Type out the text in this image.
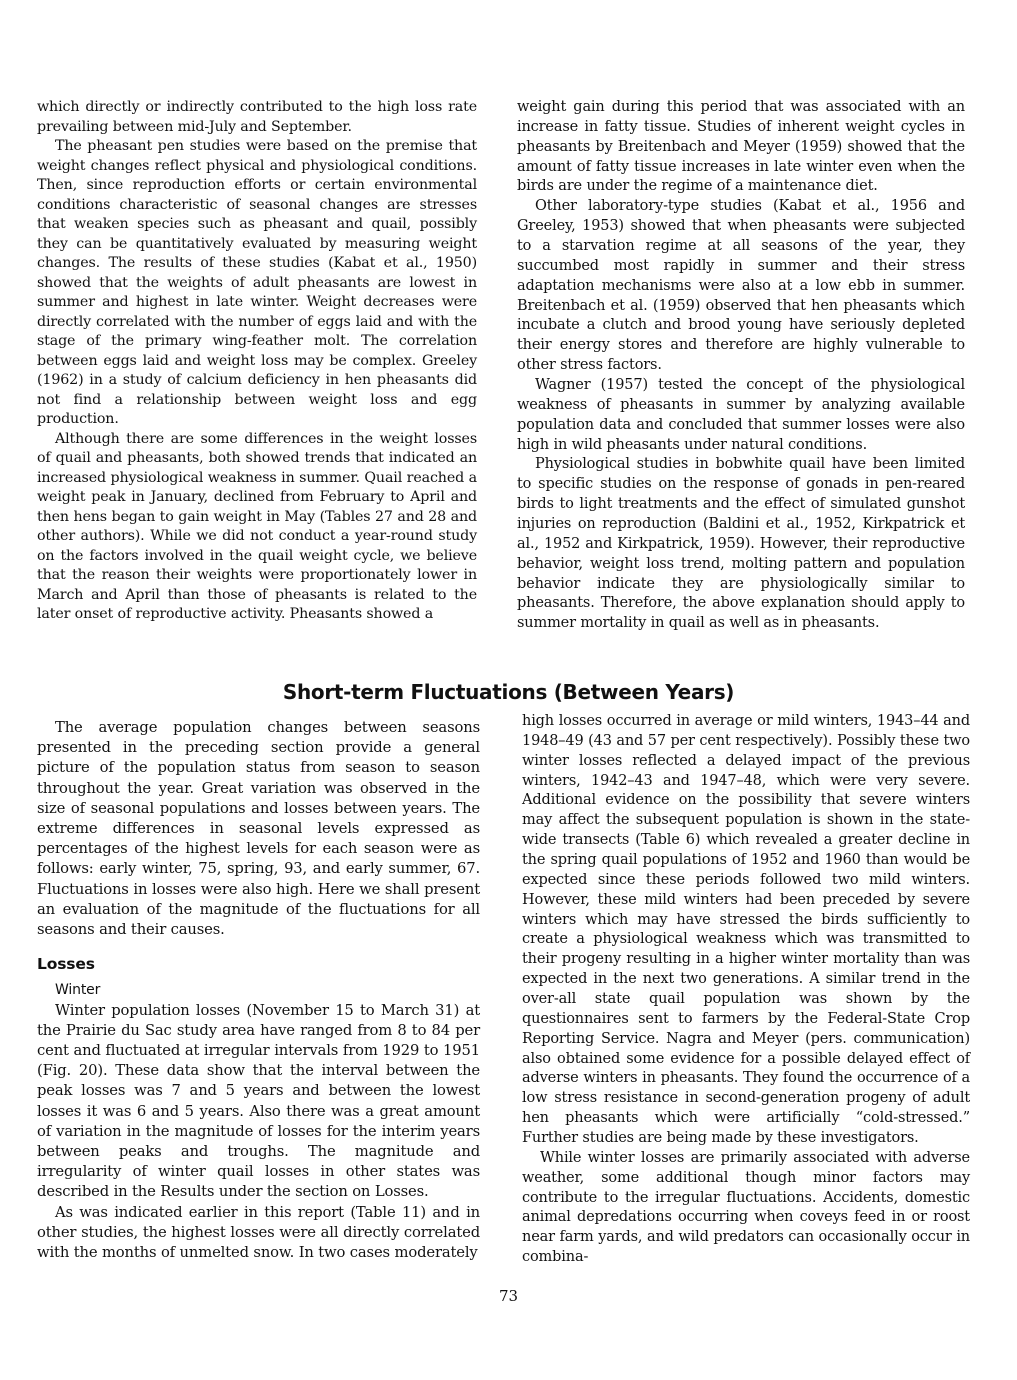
which directly or indirectly contributed to the high loss rate prevailing between mid-July and September.

The pheasant pen studies were based on the premise that weight changes reflect physical and physiological conditions. Then, since reproduction efforts or certain environmental conditions characteristic of seasonal changes are stresses that weaken species such as pheasant and quail, possibly they can be quantitatively evaluated by measuring weight changes. The results of these studies (Kabat et al., 1950) showed that the weights of adult pheasants are lowest in summer and highest in late winter. Weight decreases were directly correlated with the number of eggs laid and with the stage of the primary wing-feather molt. The correlation between eggs laid and weight loss may be complex. Greeley (1962) in a study of calcium deficiency in hen pheasants did not find a relationship between weight loss and egg production.

Although there are some differences in the weight losses of quail and pheasants, both showed trends that indicated an increased physiological weakness in summer. Quail reached a weight peak in January, declined from February to April and then hens began to gain weight in May (Tables 27 and 28 and other authors). While we did not conduct a year-round study on the factors involved in the quail weight cycle, we believe that the reason their weights were proportionately lower in March and April than those of pheasants is related to the later onset of reproductive activity. Pheasants showed a

weight gain during this period that was associated with an increase in fatty tissue. Studies of inherent weight cycles in pheasants by Breitenbach and Meyer (1959) showed that the amount of fatty tissue increases in late winter even when the birds are under the regime of a maintenance diet.

Other laboratory-type studies (Kabat et al., 1956 and Greeley, 1953) showed that when pheasants were subjected to a starvation regime at all seasons of the year, they succumbed most rapidly in summer and their stress adaptation mechanisms were also at a low ebb in summer. Breitenbach et al. (1959) observed that hen pheasants which incubate a clutch and brood young have seriously depleted their energy stores and therefore are highly vulnerable to other stress factors.

Wagner (1957) tested the concept of the physiological weakness of pheasants in summer by analyzing available population data and concluded that summer losses were also high in wild pheasants under natural conditions.

Physiological studies in bobwhite quail have been limited to specific studies on the response of gonads in pen-reared birds to light treatments and the effect of simulated gunshot injuries on reproduction (Baldini et al., 1952, Kirkpatrick et al., 1952 and Kirkpatrick, 1959). However, their reproductive behavior, weight loss trend, molting pattern and population behavior indicate they are physiologically similar to pheasants. Therefore, the above explanation should apply to summer mortality in quail as well as in pheasants.

Short-term Fluctuations (Between Years)

The average population changes between seasons presented in the preceding section provide a general picture of the population status from season to season throughout the year. Great variation was observed in the size of seasonal populations and losses between years. The extreme differences in seasonal levels expressed as percentages of the highest levels for each season were as follows: early winter, 75, spring, 93, and early summer, 67. Fluctuations in losses were also high. Here we shall present an evaluation of the magnitude of the fluctuations for all seasons and their causes.

Losses
Winter

Winter population losses (November 15 to March 31) at the Prairie du Sac study area have ranged from 8 to 84 per cent and fluctuated at irregular intervals from 1929 to 1951 (Fig. 20). These data show that the interval between the peak losses was 7 and 5 years and between the lowest losses it was 6 and 5 years. Also there was a great amount of variation in the magnitude of losses for the interim years between peaks and troughs. The magnitude and irregularity of winter quail losses in other states was described in the Results under the section on Losses.

As was indicated earlier in this report (Table 11) and in other studies, the highest losses were all directly correlated with the months of unmelted snow. In two cases moderately

high losses occurred in average or mild winters, 1943–44 and 1948–49 (43 and 57 per cent respectively). Possibly these two winter losses reflected a delayed impact of the previous winters, 1942–43 and 1947–48, which were very severe. Additional evidence on the possibility that severe winters may affect the subsequent population is shown in the state-wide transects (Table 6) which revealed a greater decline in the spring quail populations of 1952 and 1960 than would be expected since these periods followed two mild winters. However, these mild winters had been preceded by severe winters which may have stressed the birds sufficiently to create a physiological weakness which was transmitted to their progeny resulting in a higher winter mortality than was expected in the next two generations. A similar trend in the over-all state quail population was shown by the questionnaires sent to farmers by the Federal-State Crop Reporting Service. Nagra and Meyer (pers. communication) also obtained some evidence for a possible delayed effect of adverse winters in pheasants. They found the occurrence of a low stress resistance in second-generation progeny of adult hen pheasants which were artificially “cold-stressed.” Further studies are being made by these investigators.

While winter losses are primarily associated with adverse weather, some additional though minor factors may contribute to the irregular fluctuations. Accidents, domestic animal depredations occurring when coveys feed in or roost near farm yards, and wild predators can occasionally occur in combina-

73
